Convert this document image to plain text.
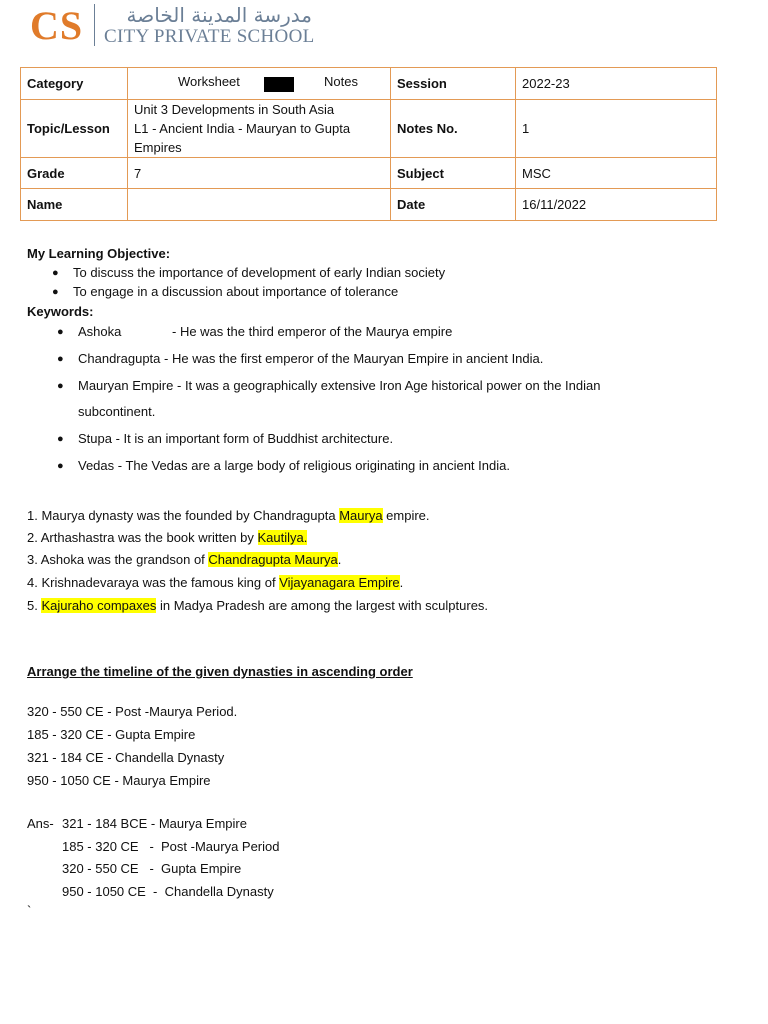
CS	مدرسة المدينة الخاصة
CITY PRIVATE SCHOOL
Category	Worksheet Notes	Session	2022-23
Topic/Lesson	Unit 3 Developments in South Asia
L1 - Ancient India - Mauryan to Gupta
Empires	Notes No.	1
Grade	7	Subject	MSC
Name		Date	16/11/2022
My Learning Objective:
● To discuss the importance of development of early Indian society
● To engage in a discussion about importance of tolerance
Keywords:
● Ashoka	- He was the third emperor of the Maurya empire
● Chandragupta - He was the first emperor of the Mauryan Empire in ancient India.
● Mauryan Empire - It was a geographically extensive Iron Age historical power on the Indian
subcontinent.
● Stupa - It is an important form of Buddhist architecture.
● Vedas - The Vedas are a large body of religious originating in ancient India.
1. Maurya dynasty was the founded by Chandragupta Maurya empire.
2. Arthashastra was the book written by Kautilya.
3. Ashoka was the grandson of Chandragupta Maurya.
4. Krishnadevaraya was the famous king of Vijayanagara Empire.
5. Kajuraho compaxes in Madya Pradesh are among the largest with sculptures.
Arrange the timeline of the given dynasties in ascending order
320 - 550 CE - Post -Maurya Period.
185 - 320 CE - Gupta Empire
321 - 184 CE - Chandella Dynasty
950 - 1050 CE - Maurya Empire
Ans- 321 - 184 BCE - Maurya Empire
185 - 320 CE   -  Post -Maurya Period
320 - 550 CE   -  Gupta Empire
950 - 1050 CE  -  Chandella Dynasty
`
